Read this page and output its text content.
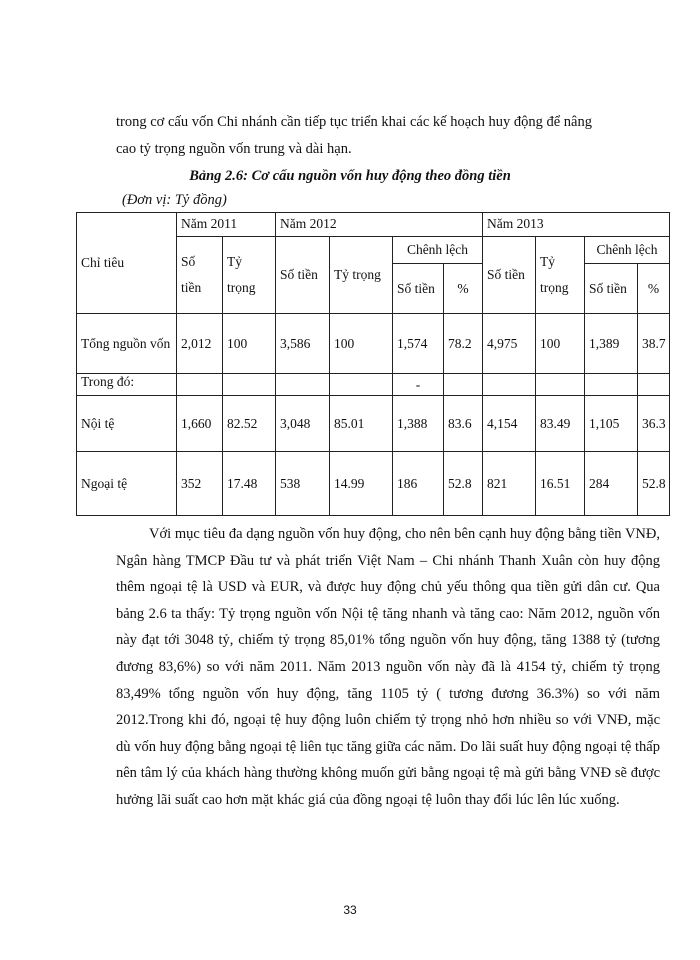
trong cơ cấu vốn Chi nhánh cần tiếp tục triển khai các kế hoạch huy động để nâng
cao tỷ trọng nguồn vốn trung và dài hạn.
Bảng 2.6: Cơ cấu nguồn vốn huy động theo đồng tiền
(Đơn vị: Tỷ đồng)
Chỉ tiêu	Năm 2011		Năm 2012				Năm 2013			
	Số tiền	Tỷ trọng	Số tiền	Tỷ trọng	Chênh lệch		Số tiền	Tỷ trọng	Chênh lệch	
					Số tiền	%			Số tiền	%
Tổng nguồn vốn	2,012	100	3,586	100	1,574	78.2	4,975	100	1,389	38.7
Trong đó:					-					
Nội tệ	1,660	82.52	3,048	85.01	1,388	83.6	4,154	83.49	1,105	36.3
Ngoại tệ	352	17.48	538	14.99	186	52.8	821	16.51	284	52.8

Với mục tiêu đa dạng nguồn vốn huy động, cho nên bên cạnh huy động bằng tiền VNĐ, Ngân hàng TMCP Đầu tư và phát triển Việt Nam – Chi nhánh Thanh Xuân còn huy động thêm ngoại tệ là USD và EUR, và được huy động chủ yếu thông qua tiền gửi dân cư. Qua bảng 2.6 ta thấy: Tỷ trọng nguồn vốn Nội tệ tăng nhanh và tăng cao: Năm 2012, nguồn vốn này đạt tới 3048 tỷ, chiếm tỷ trọng 85,01% tổng nguồn vốn huy động, tăng 1388 tỷ (tương đương 83,6%) so với năm 2011. Năm 2013 nguồn vốn này đã là 4154 tỷ, chiếm tỷ trọng 83,49% tổng nguồn vốn huy động, tăng 1105 tỷ ( tương đương 36.3%) so với năm 2012.Trong khi đó, ngoại tệ huy động luôn chiếm tỷ trọng nhỏ hơn nhiều so với VNĐ, mặc dù vốn huy động bằng ngoại tệ liên tục tăng giữa các năm. Do lãi suất huy động ngoại tệ thấp nên tâm lý của khách hàng thường không muốn gửi bằng ngoại tệ mà gửi bằng VNĐ sẽ được hưởng lãi suất cao hơn mặt khác giá của đồng ngoại tệ luôn thay đổi lúc lên lúc xuống.

33
